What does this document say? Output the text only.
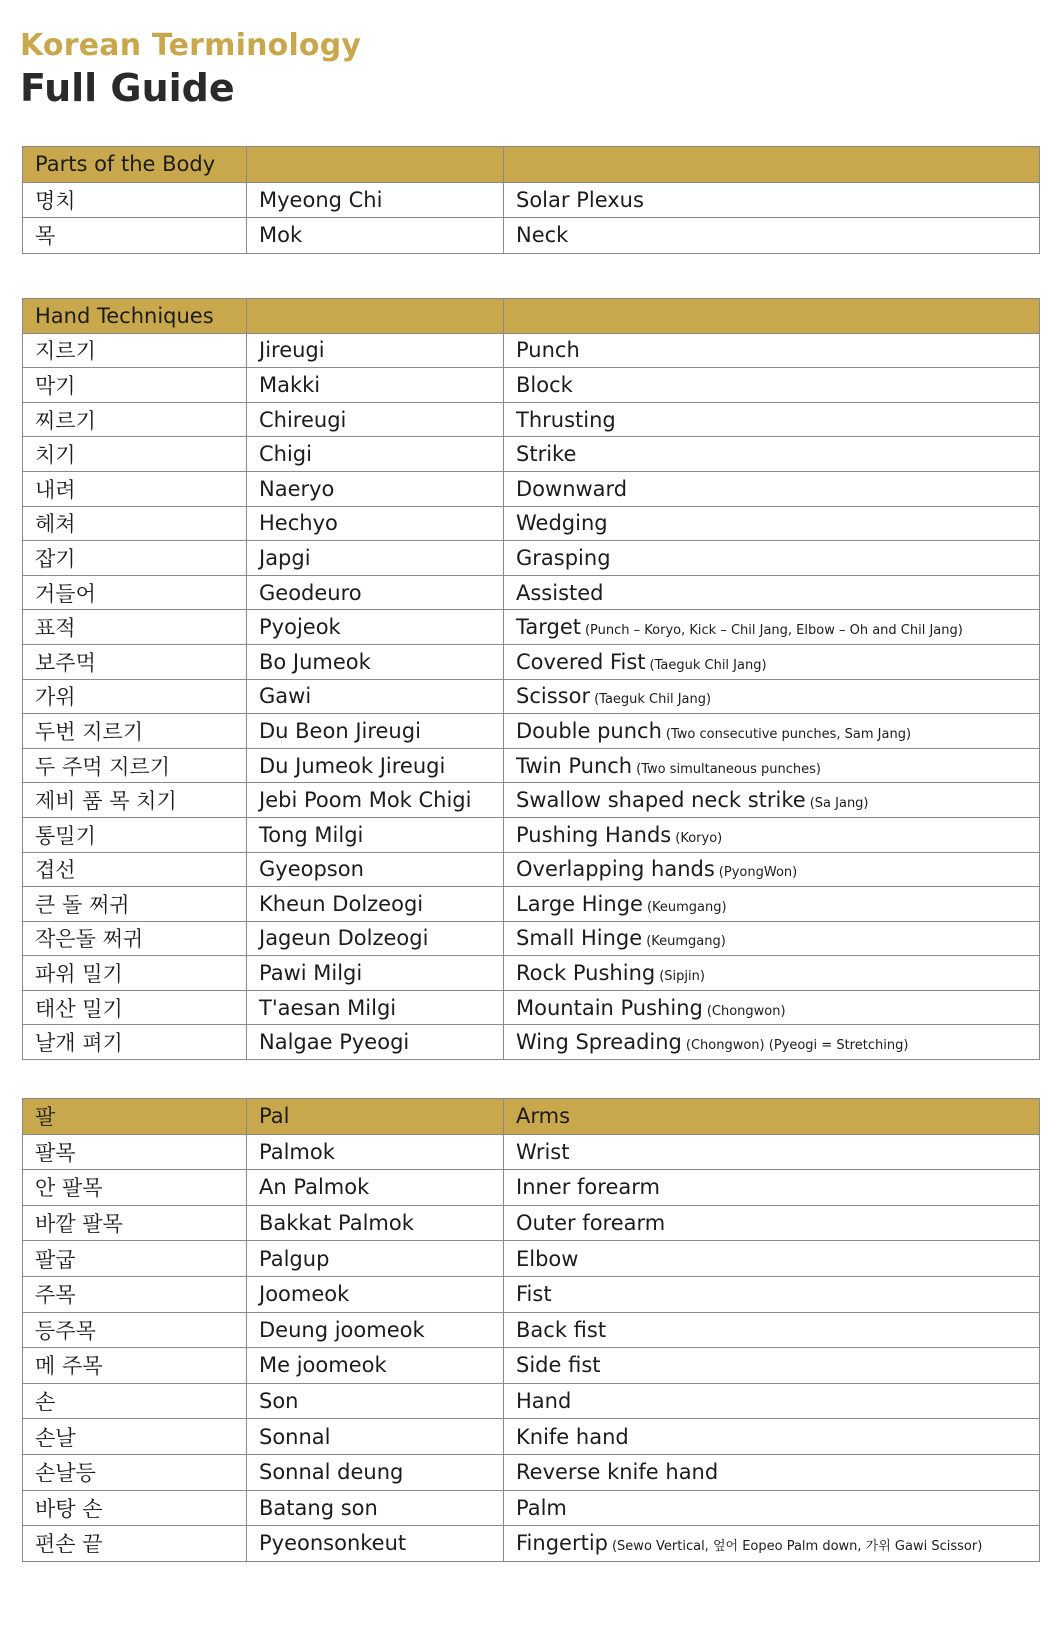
Korean Terminology
Full Guide
Parts of the Body		
명치	Myeong Chi	Solar Plexus
목	Mok	Neck
Hand Techniques		
지르기	Jireugi	Punch
막기	Makki	Block
찌르기	Chireugi	Thrusting
치기	Chigi	Strike
내려	Naeryo	Downward
헤쳐	Hechyo	Wedging
잡기	Japgi	Grasping
거들어	Geodeuro	Assisted
표적	Pyojeok	Target (Punch – Koryo, Kick – Chil Jang, Elbow – Oh and Chil Jang)
보주먹	Bo Jumeok	Covered Fist (Taeguk Chil Jang)
가위	Gawi	Scissor (Taeguk Chil Jang)
두번 지르기	Du Beon Jireugi	Double punch (Two consecutive punches, Sam Jang)
두 주먹 지르기	Du Jumeok Jireugi	Twin Punch (Two simultaneous punches)
제비 품 목 치기	Jebi Poom Mok Chigi	Swallow shaped neck strike (Sa Jang)
통밀기	Tong Milgi	Pushing Hands (Koryo)
겹선	Gyeopson	Overlapping hands (PyongWon)
큰 돌 쩌귀	Kheun Dolzeogi	Large Hinge (Keumgang)
작은돌 쩌귀	Jageun Dolzeogi	Small Hinge (Keumgang)
파위 밀기	Pawi Milgi	Rock Pushing (Sipjin)
태산 밀기	T'aesan Milgi	Mountain Pushing (Chongwon)
날개 펴기	Nalgae Pyeogi	Wing Spreading (Chongwon) (Pyeogi = Stretching)
팔	Pal	Arms
팔목	Palmok	Wrist
안 팔목	An Palmok	Inner forearm
바깥 팔목	Bakkat Palmok	Outer forearm
팔굽	Palgup	Elbow
주목	Joomeok	Fist
등주목	Deung joomeok	Back fist
메 주목	Me joomeok	Side fist
손	Son	Hand
손날	Sonnal	Knife hand
손날등	Sonnal deung	Reverse knife hand
바탕 손	Batang son	Palm
편손 끝	Pyeonsonkeut	Fingertip (Sewo Vertical, 엎어 Eopeo Palm down, 가위 Gawi Scissor)
